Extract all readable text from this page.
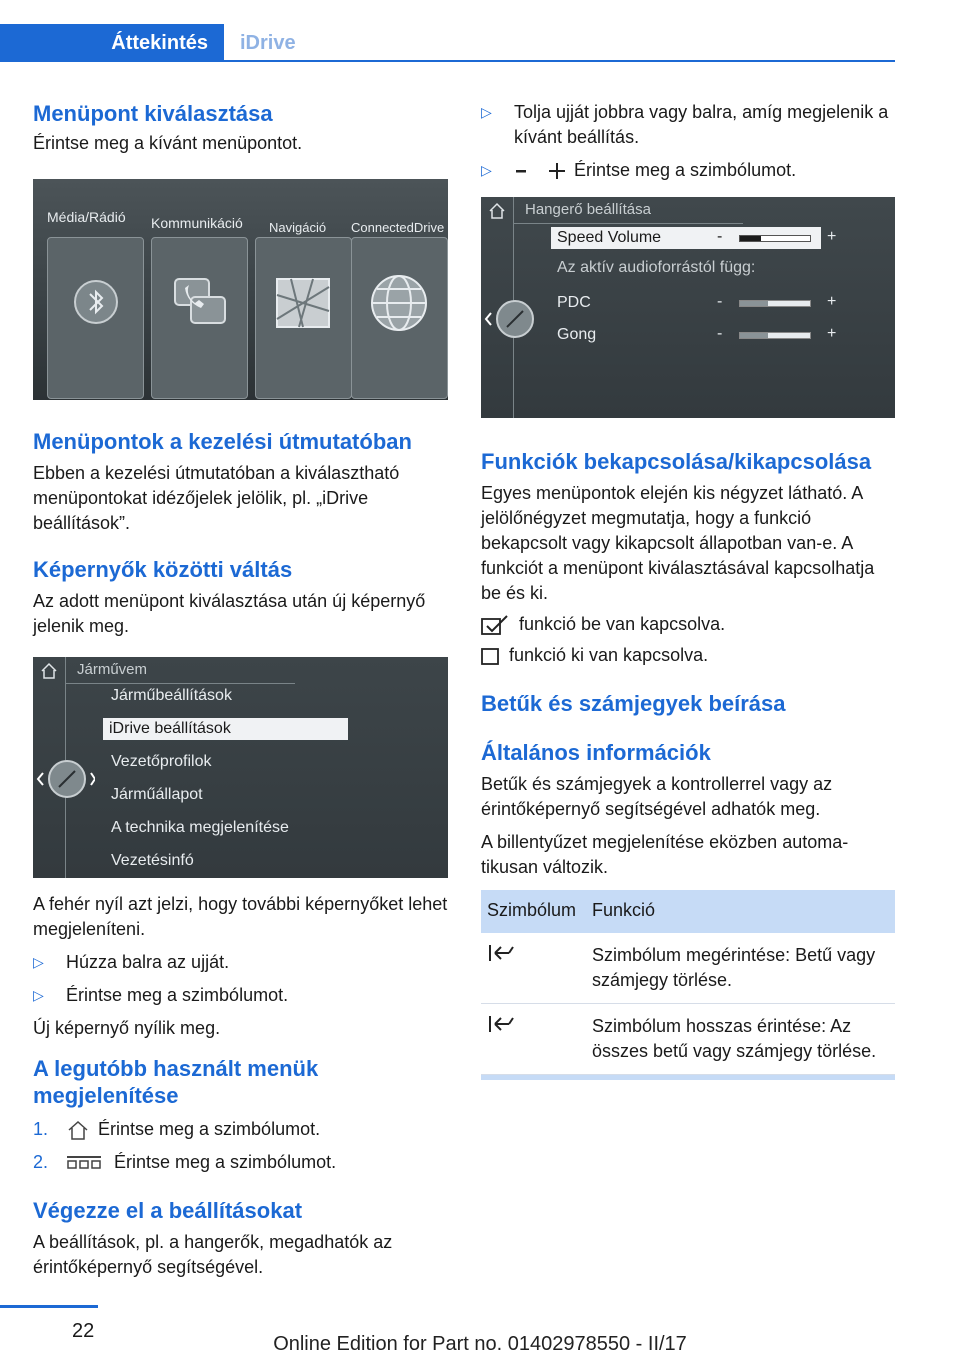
Áttekintés	iDrive
Menüpont kiválasztása

Érintse meg a kívánt menüpontot.

Média/Rádió Kommunikáció Navigáció ConnectedDrive
Menüpontok a kezelési útmutatóban

Ebben a kezelési útmutatóban a kiválasztható menüpontokat idézőjelek jelölik, pl. „iDrive beállítások”.

Képernyők közötti váltás

Az adott menüpont kiválasztása után új képernyő jelenik meg.

Járművem
Járműbeállítások
iDrive beállítások
Vezetőprofilok
Járműállapot
A technika megjelenítése
Vezetésinfó

A fehér nyíl azt jelzi, hogy további képernyőket lehet megjeleníteni.

▷	Húzza balra az ujját.
▷	Érintse meg a szimbólumot.

Új képernyő nyílik meg.

A legutóbb használt menük megjelenítése
1.	Érintse meg a szimbólumot.
2.	Érintse meg a szimbólumot.
Végezze el a beállításokat

A beállítások, pl. a hangerők, megadhatók az érintőképernyő segítségével.

▷	Tolja ujját jobbra vagy balra, amíg megjelenik a kívánt beállítás.
▷	Érintse meg a szimbólumot.
Hangerő beállítása
Speed Volume	-	+
Az aktív audioforrástól függ:
PDC	-	+
Gong	-	+
Funkciók bekapcsolása/kikapcsolása

Egyes menüpontok elején kis négyzet látható. A jelölőnégyzet megmutatja, hogy a funkció bekapcsolt vagy kikapcsolt állapotban van-e. A funkciót a menüpont kiválasztásával kapcsolhatja be és ki.

funkció be van kapcsolva.
funkció ki van kapcsolva.
Betűk és számjegyek beírása
Általános információk

Betűk és számjegyek a kontrollerrel vagy az érintőképernyő segítségével adhatók meg.

A billentyűzet megjelenítése eközben automatikusan változik.

Szimbólum	Funkció
	Szimbólum megérintése: Betű vagy számjegy törlése.
	Szimbólum hosszas érintése: Az összes betű vagy számjegy törlése.
22
Online Edition for Part no. 01402978550 - II/17
